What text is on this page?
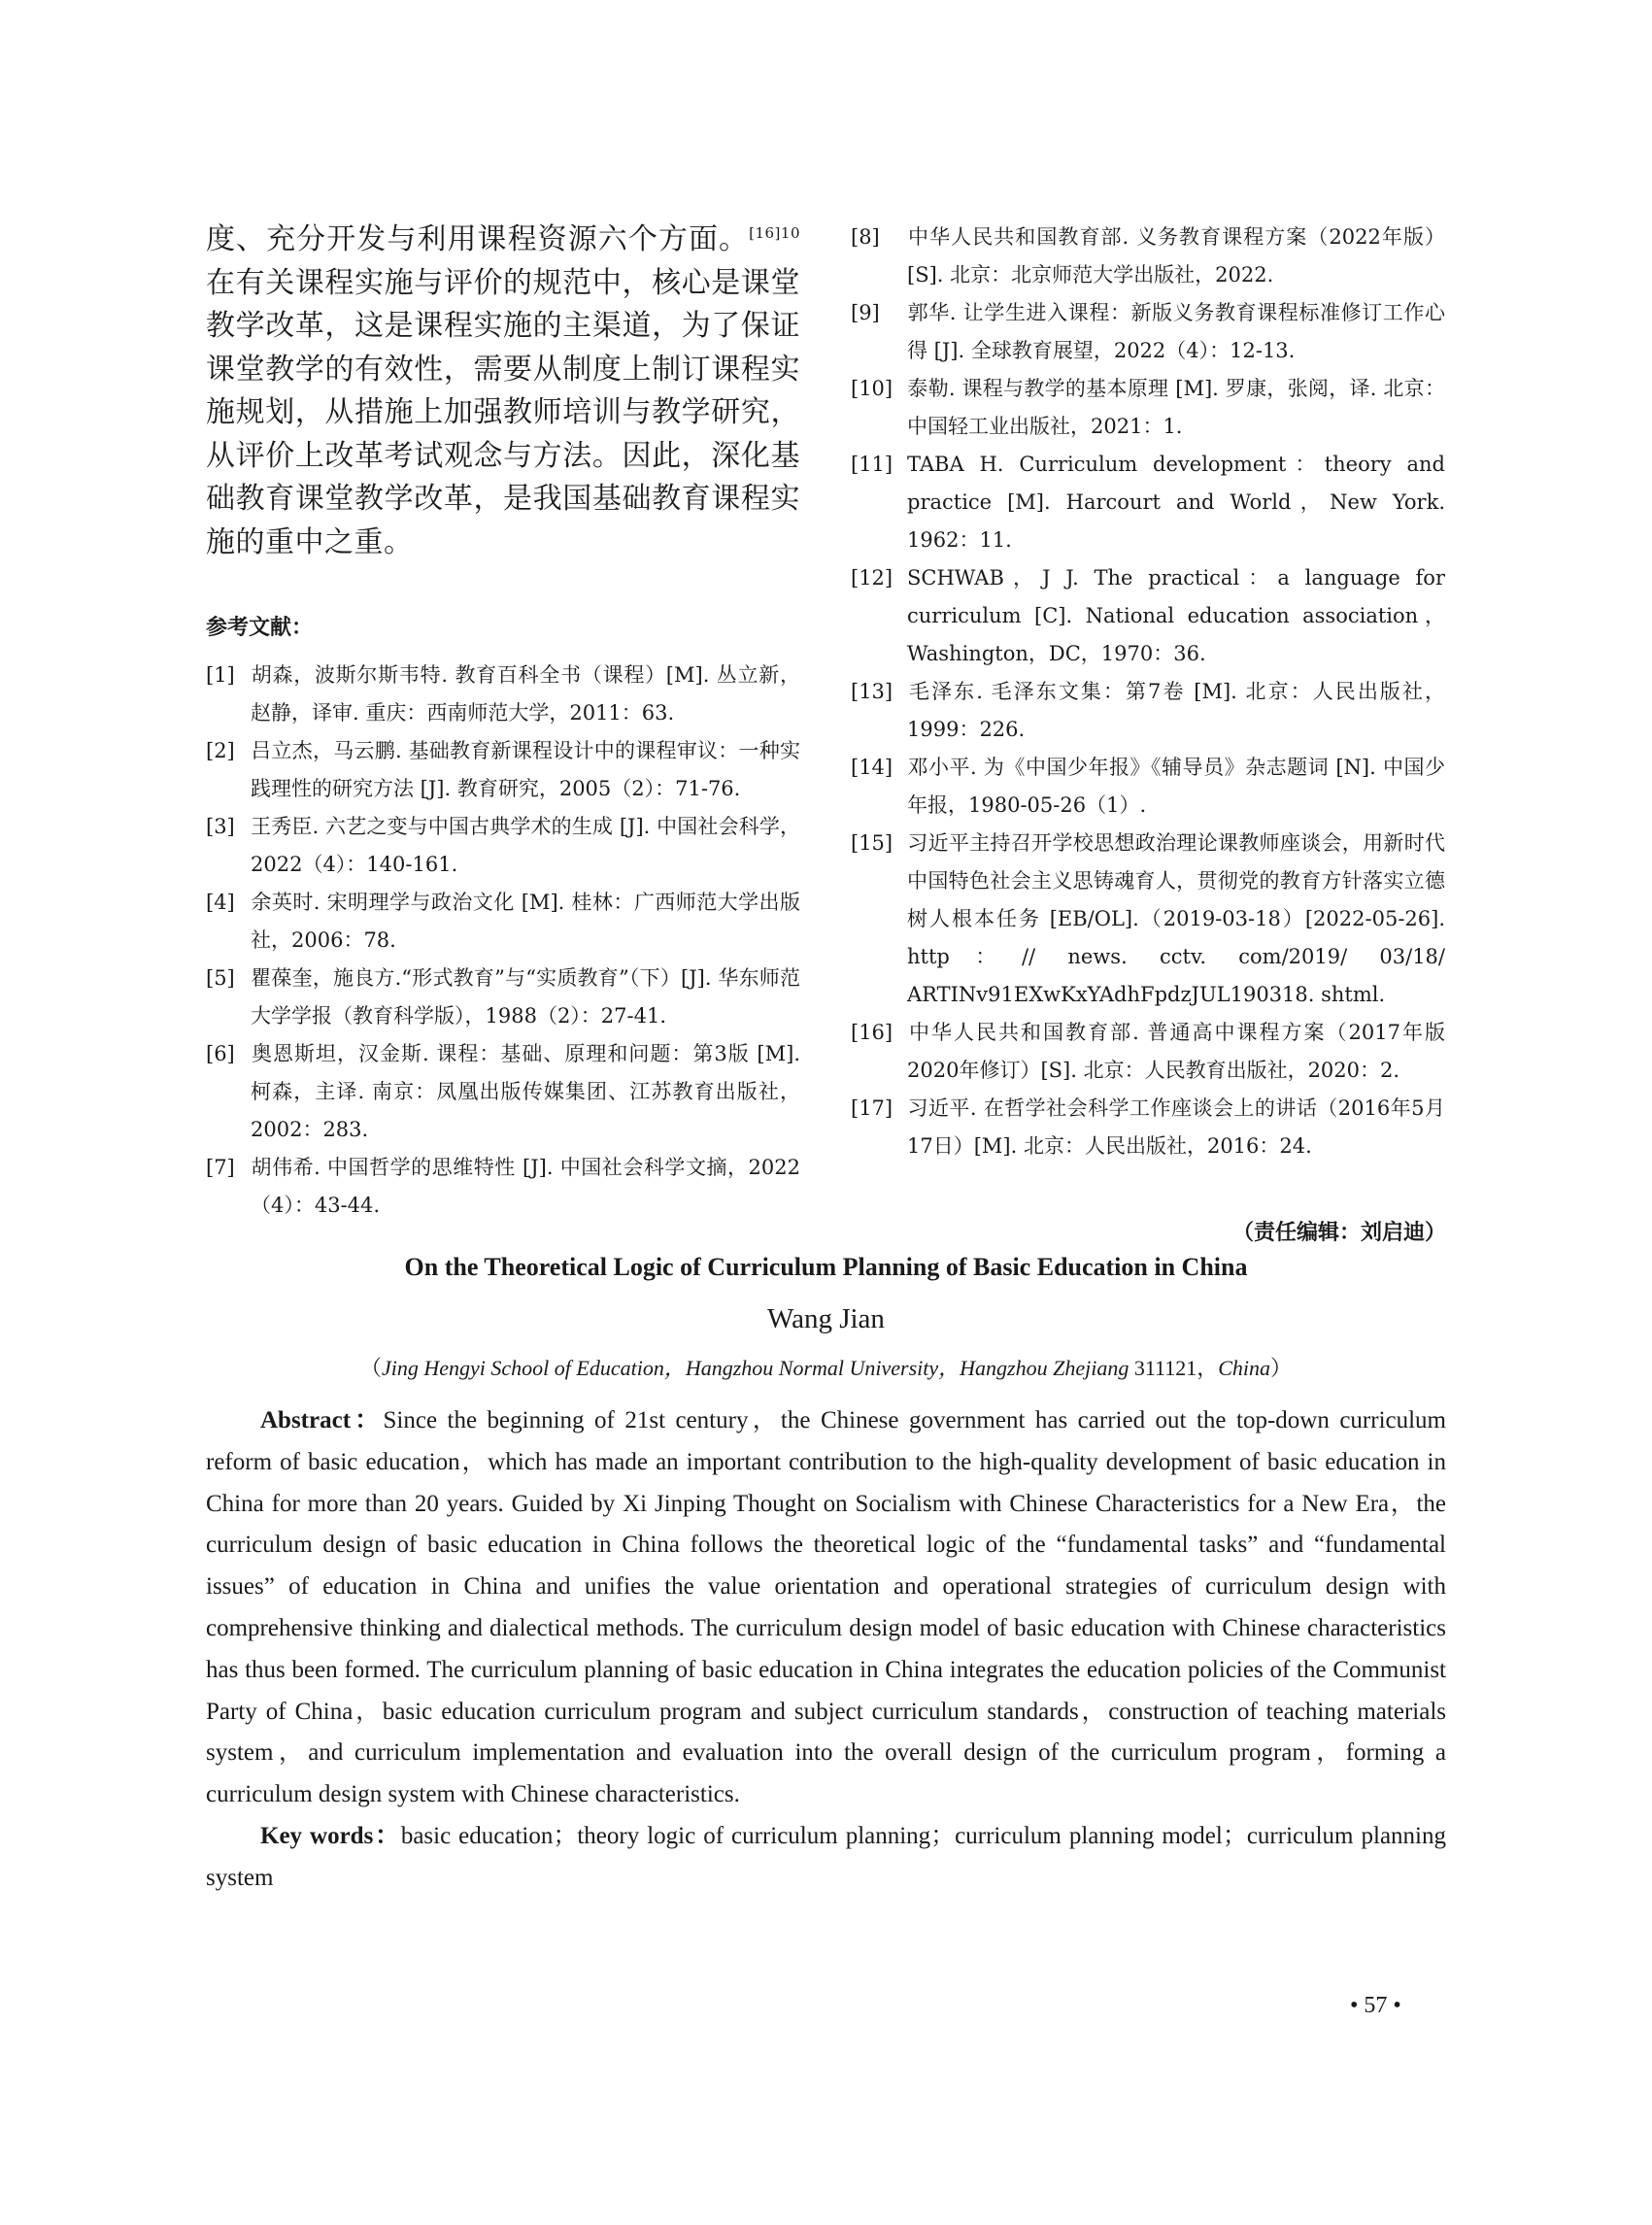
度、充分开发与利用课程资源六个方面。$^{[16]10}$在有关课程实施与评价的规范中，核心是课堂教学改革，这是课程实施的主渠道，为了保证课堂教学的有效性，需要从制度上制订课程实施规划，从措施上加强教师培训与教学研究，从评价上改革考试观念与方法。因此，深化基础教育课堂教学改革，是我国基础教育课程实施的重中之重。

参考文献：
[1] 胡森，波斯尔斯韦特. 教育百科全书（课程）[M]. 丛立新，赵静，译审. 重庆：西南师范大学，2011：63.
[2] 吕立杰，马云鹏. 基础教育新课程设计中的课程审议：一种实践理性的研究方法 [J]. 教育研究，2005（2）：71-76.
[3] 王秀臣. 六艺之变与中国古典学术的生成 [J]. 中国社会科学，2022（4）：140-161.
[4] 余英时. 宋明理学与政治文化 [M]. 桂林：广西师范大学出版社，2006：78.
[5] 瞿葆奎，施良方.“形式教育”与“实质教育”（下）[J]. 华东师范大学学报（教育科学版），1988（2）：27-41.
[6] 奥恩斯坦，汉金斯. 课程：基础、原理和问题：第3版 [M]. 柯森，主译. 南京：凤凰出版传媒集团、江苏教育出版社，2002：283.
[7] 胡伟希. 中国哲学的思维特性 [J]. 中国社会科学文摘，2022（4）：43-44.
[8] 中华人民共和国教育部. 义务教育课程方案（2022年版）[S]. 北京：北京师范大学出版社，2022.
[9] 郭华. 让学生进入课程：新版义务教育课程标准修订工作心得 [J]. 全球教育展望，2022（4）：12-13.
[10] 泰勒. 课程与教学的基本原理 [M]. 罗康，张阅，译. 北京：中国轻工业出版社，2021：1.
[11] TABA H. Curriculum development：theory and practice [M]. Harcourt and World，New York. 1962：11.
[12] SCHWAB，J J. The practical：a language for curriculum [C]. National education association，Washington，DC，1970：36.
[13] 毛泽东. 毛泽东文集：第7卷 [M]. 北京：人民出版社，1999：226.
[14] 邓小平. 为《中国少年报》《辅导员》杂志题词 [N]. 中国少年报，1980-05-26（1）.
[15] 习近平主持召开学校思想政治理论课教师座谈会，用新时代中国特色社会主义思铸魂育人，贯彻党的教育方针落实立德树人根本任务 [EB/OL].（2019-03-18）[2022-05-26]. http：// news. cctv. com/2019/ 03/18/ ARTINv91EXwKxYAdhFpdzJUL190318. shtml.
[16] 中华人民共和国教育部. 普通高中课程方案（2017年版2020年修订）[S]. 北京：人民教育出版社，2020：2.
[17] 习近平. 在哲学社会科学工作座谈会上的讲话（2016年5月17日）[M]. 北京：人民出版社，2016：24.
（责任编辑：刘启迪）
On the Theoretical Logic of Curriculum Planning of Basic Education in China
Wang Jian
（Jing Hengyi School of Education，Hangzhou Normal University，Hangzhou Zhejiang 311121，China）

Abstract：Since the beginning of 21st century，the Chinese government has carried out the top-down curriculum reform of basic education，which has made an important contribution to the high-quality development of basic education in China for more than 20 years. Guided by Xi Jinping Thought on Socialism with Chinese Characteristics for a New Era，the curriculum design of basic education in China follows the theoretical logic of the “fundamental tasks” and “fundamental issues” of education in China and unifies the value orientation and operational strategies of curriculum design with comprehensive thinking and dialectical methods. The curriculum design model of basic education with Chinese characteristics has thus been formed. The curriculum planning of basic education in China integrates the education policies of the Communist Party of China，basic education curriculum program and subject curriculum standards，construction of teaching materials system，and curriculum implementation and evaluation into the overall design of the curriculum program，forming a curriculum design system with Chinese characteristics.

Key words：basic education；theory logic of curriculum planning；curriculum planning model；curriculum planning system

• 57 •
